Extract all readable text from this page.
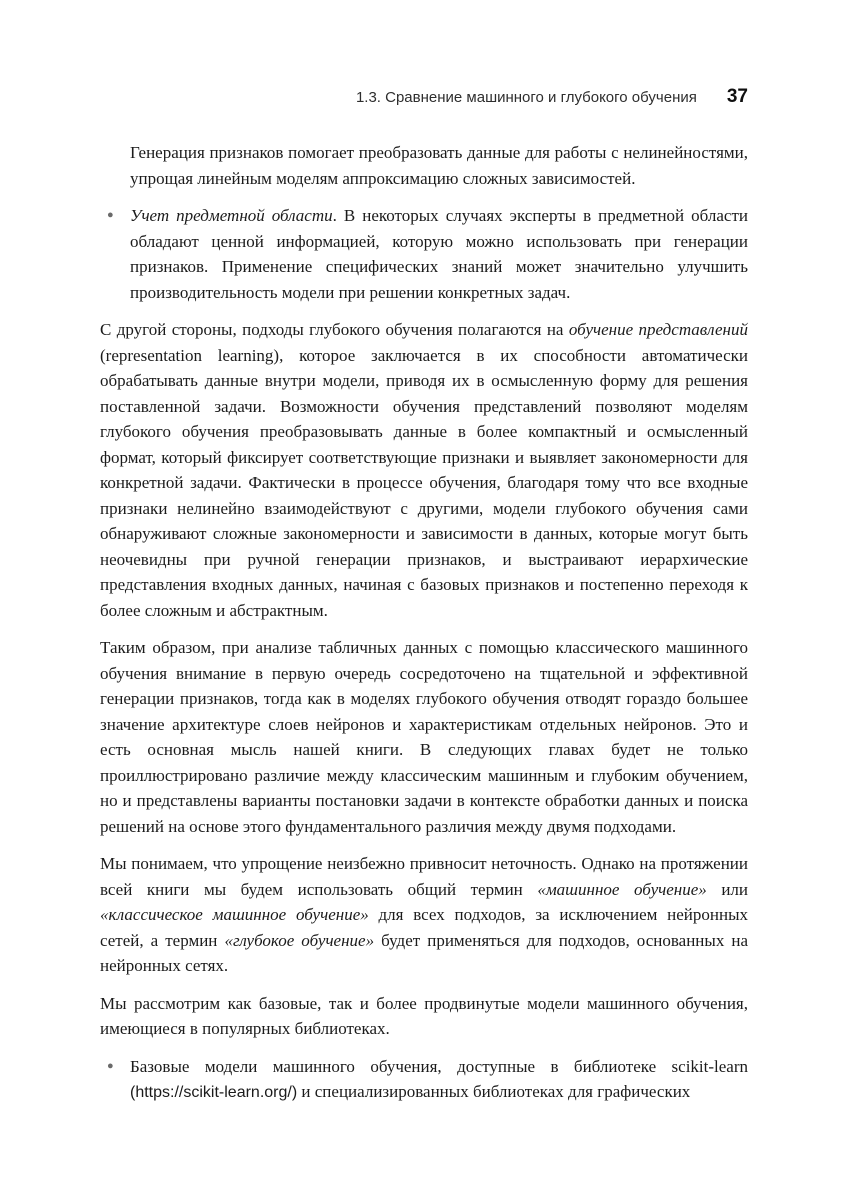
1.3. Сравнение машинного и глубокого обучения 37

Генерация признаков помогает преобразовать данные для работы с нелинейностями, упрощая линейным моделям аппроксимацию сложных зависимостей.

● Учет предметной области. В некоторых случаях эксперты в предметной области обладают ценной информацией, которую можно использовать при генерации признаков. Применение специфических знаний может значительно улучшить производительность модели при решении конкретных задач.

С другой стороны, подходы глубокого обучения полагаются на обучение представлений (representation learning), которое заключается в их способности автоматически обрабатывать данные внутри модели, приводя их в осмысленную форму для решения поставленной задачи. Возможности обучения представлений позволяют моделям глубокого обучения преобразовывать данные в более компактный и осмысленный формат, который фиксирует соответствующие признаки и выявляет закономерности для конкретной задачи. Фактически в процессе обучения, благодаря тому что все входные признаки нелинейно взаимодействуют с другими, модели глубокого обучения сами обнаруживают сложные закономерности и зависимости в данных, которые могут быть неочевидны при ручной генерации признаков, и выстраивают иерархические представления входных данных, начиная с базовых признаков и постепенно переходя к более сложным и абстрактным.

Таким образом, при анализе табличных данных с помощью классического машинного обучения внимание в первую очередь сосредоточено на тщательной и эффективной генерации признаков, тогда как в моделях глубокого обучения отводят гораздо большее значение архитектуре слоев нейронов и характеристикам отдельных нейронов. Это и есть основная мысль нашей книги. В следующих главах будет не только проиллюстрировано различие между классическим машинным и глубоким обучением, но и представлены варианты постановки задачи в контексте обработки данных и поиска решений на основе этого фундаментального различия между двумя подходами.

Мы понимаем, что упрощение неизбежно привносит неточность. Однако на протяжении всей книги мы будем использовать общий термин «машинное обучение» или «классическое машинное обучение» для всех подходов, за исключением нейронных сетей, а термин «глубокое обучение» будет применяться для подходов, основанных на нейронных сетях.

Мы рассмотрим как базовые, так и более продвинутые модели машинного обучения, имеющиеся в популярных библиотеках.

● Базовые модели машинного обучения, доступные в библиотеке scikit-learn (https://scikit-learn.org/) и специализированных библиотеках для графических
